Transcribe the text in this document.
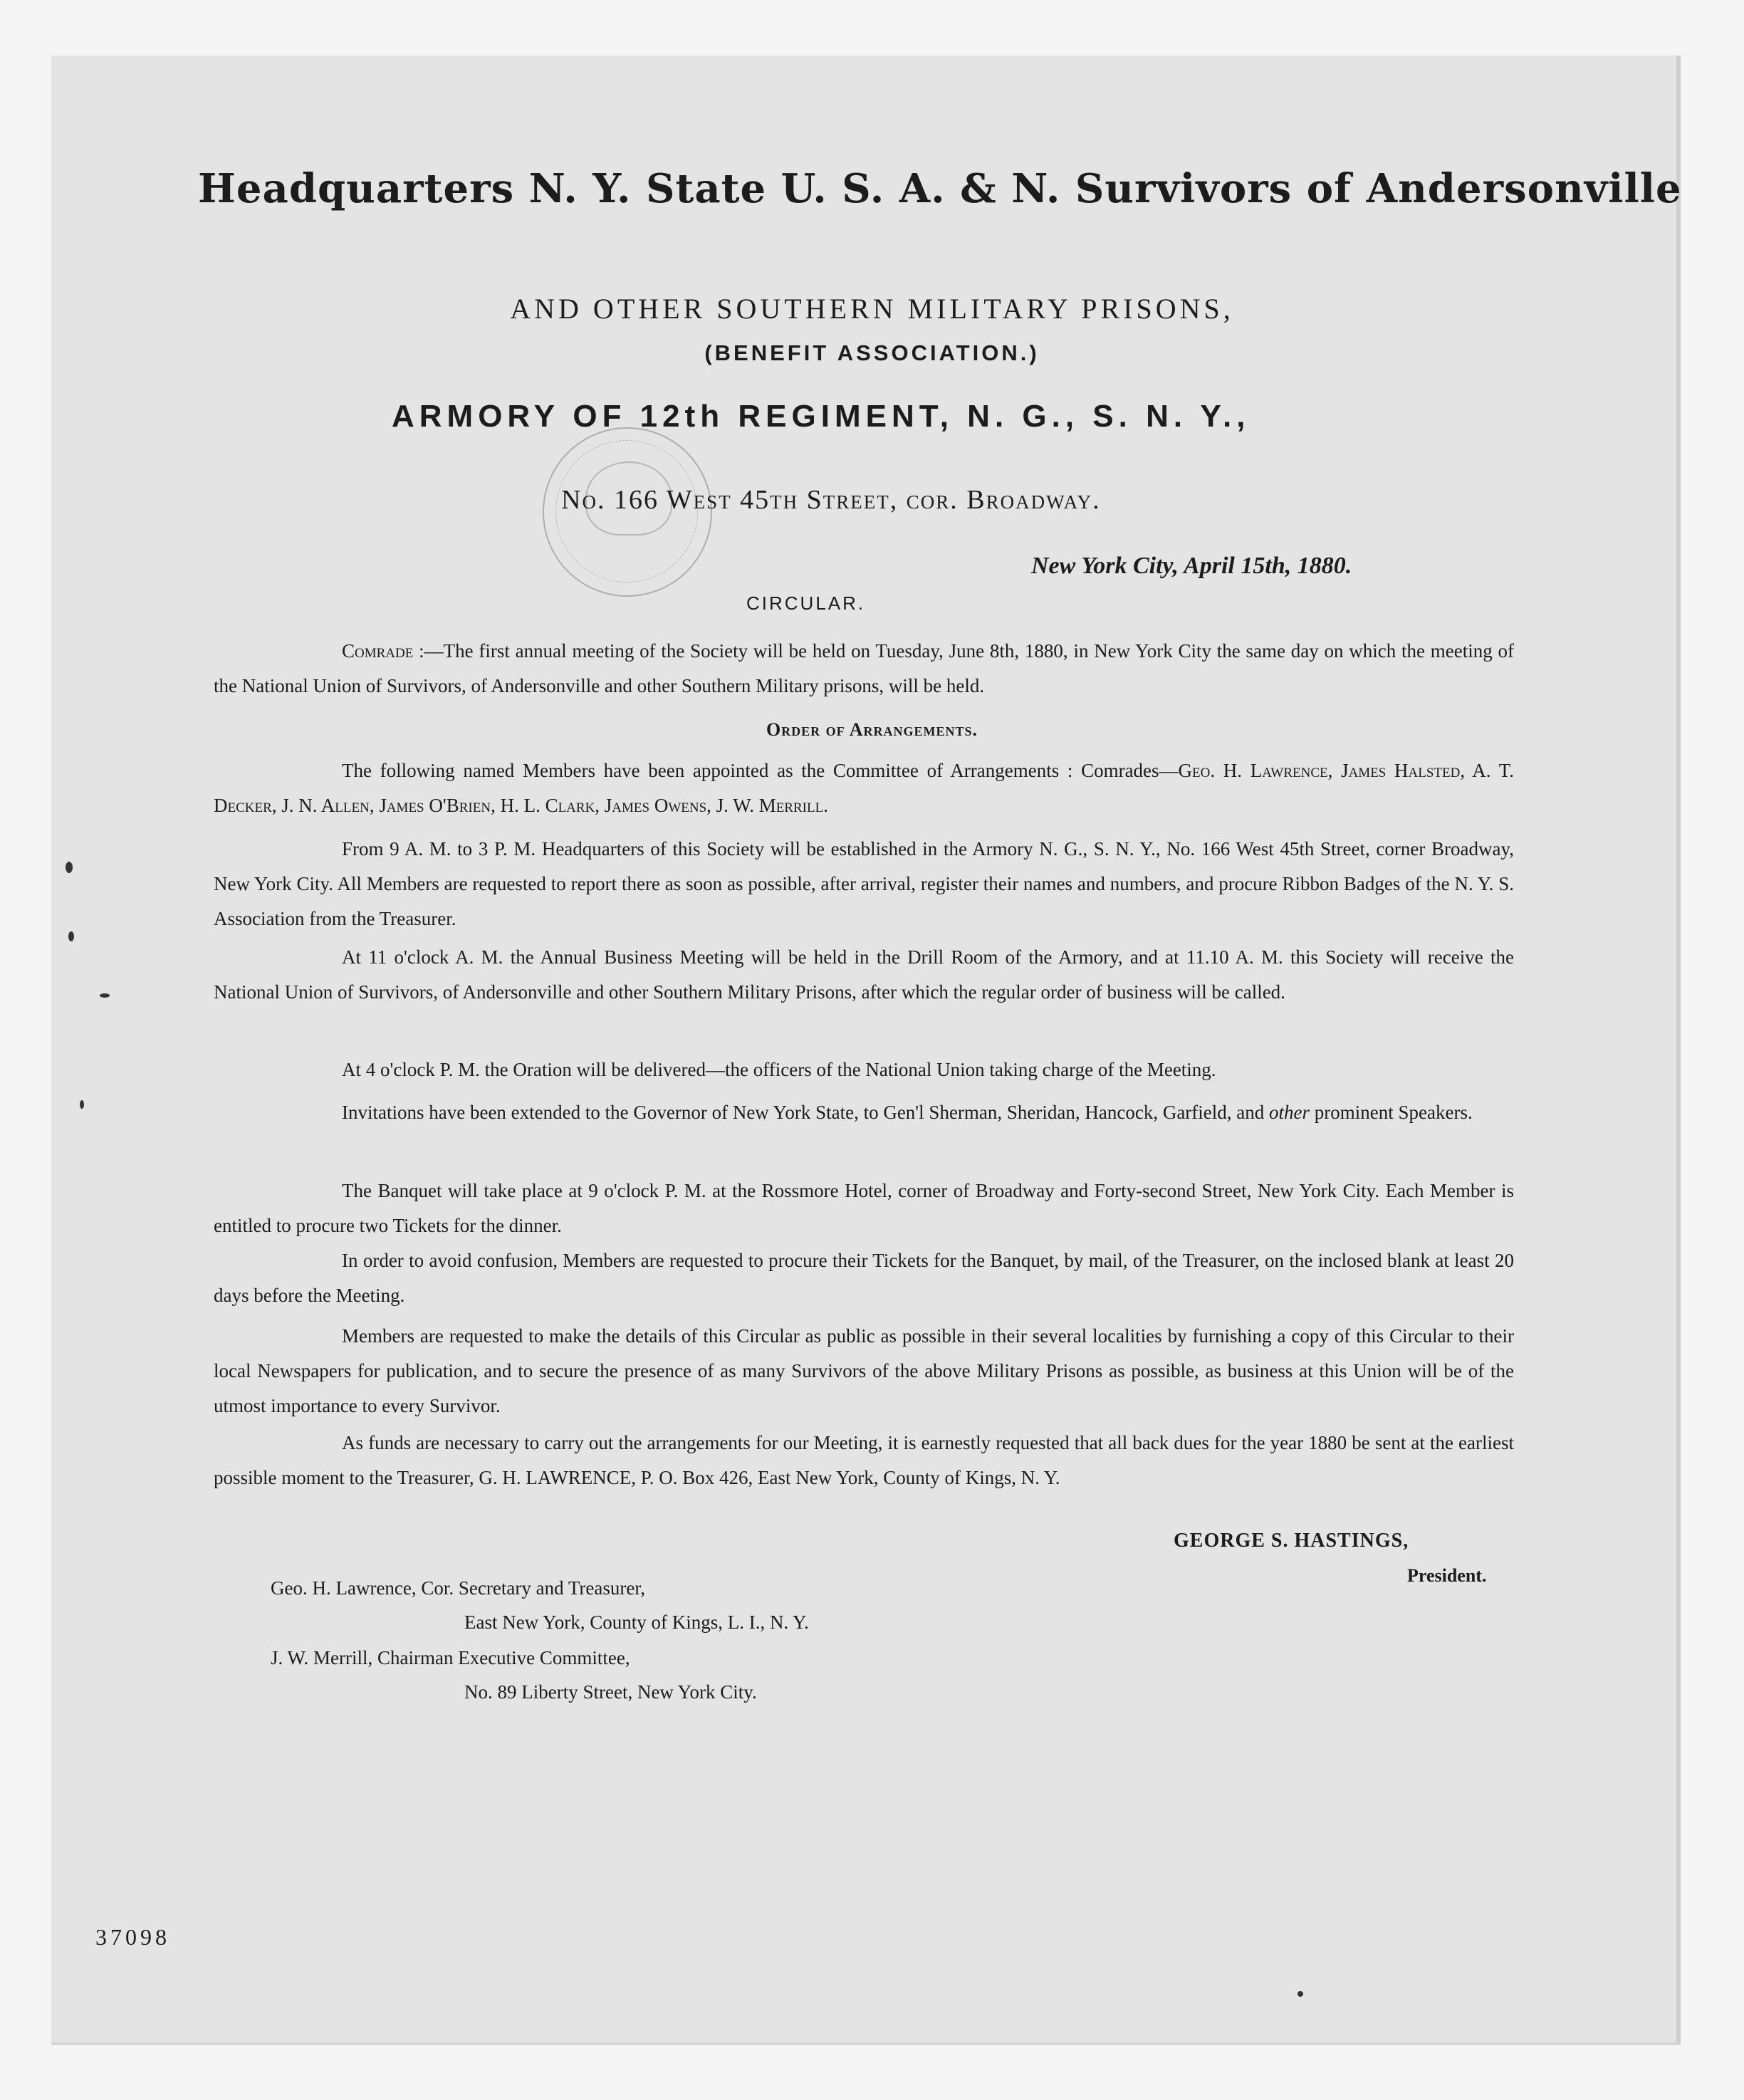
Headquarters N. Y. State U. S. A. & N. Survivors of Andersonville
AND OTHER SOUTHERN MILITARY PRISONS,
(BENEFIT ASSOCIATION.)
ARMORY OF 12th REGIMENT, N. G., S. N. Y.,
No. 166 West 45th Street, cor. Broadway.
New York City, April 15th, 1880.
CIRCULAR.
Comrade :—The first annual meeting of the Society will be held on Tuesday, June 8th, 1880, in New York City the same day on which the meeting of the National Union of Survivors, of Andersonville and other Southern Military prisons, will be held.
Order of Arrangements.
The following named Members have been appointed as the Committee of Arrangements : Comrades—Geo. H. Lawrence, James Halsted, A. T. Decker, J. N. Allen, James O'Brien, H. L. Clark, James Owens, J. W. Merrill.
From 9 A. M. to 3 P. M. Headquarters of this Society will be established in the Armory N. G., S. N. Y., No. 166 West 45th Street, corner Broadway, New York City. All Members are requested to report there as soon as possible, after arrival, register their names and numbers, and procure Ribbon Badges of the N. Y. S. Association from the Treasurer.
At 11 o'clock A. M. the Annual Business Meeting will be held in the Drill Room of the Armory, and at 11.10 A. M. this Society will receive the National Union of Survivors, of Andersonville and other Southern Military Prisons, after which the regular order of business will be called.
At 4 o'clock P. M. the Oration will be delivered—the officers of the National Union taking charge of the Meeting.
Invitations have been extended to the Governor of New York State, to Gen'l Sherman, Sheridan, Hancock, Garfield, and other prominent Speakers.
The Banquet will take place at 9 o'clock P. M. at the Rossmore Hotel, corner of Broadway and Forty-second Street, New York City. Each Member is entitled to procure two Tickets for the dinner.
In order to avoid confusion, Members are requested to procure their Tickets for the Banquet, by mail, of the Treasurer, on the inclosed blank at least 20 days before the Meeting.
Members are requested to make the details of this Circular as public as possible in their several localities by furnishing a copy of this Circular to their local Newspapers for publication, and to secure the presence of as many Survivors of the above Military Prisons as possible, as business at this Union will be of the utmost importance to every Survivor.
As funds are necessary to carry out the arrangements for our Meeting, it is earnestly requested that all back dues for the year 1880 be sent at the earliest possible moment to the Treasurer, G. H. LAWRENCE, P. O. Box 426, East New York, County of Kings, N. Y.
GEORGE S. HASTINGS,
President.
Geo. H. Lawrence, Cor. Secretary and Treasurer,
East New York, County of Kings, L. I., N. Y.
J. W. Merrill, Chairman Executive Committee,
No. 89 Liberty Street, New York City.
37098
